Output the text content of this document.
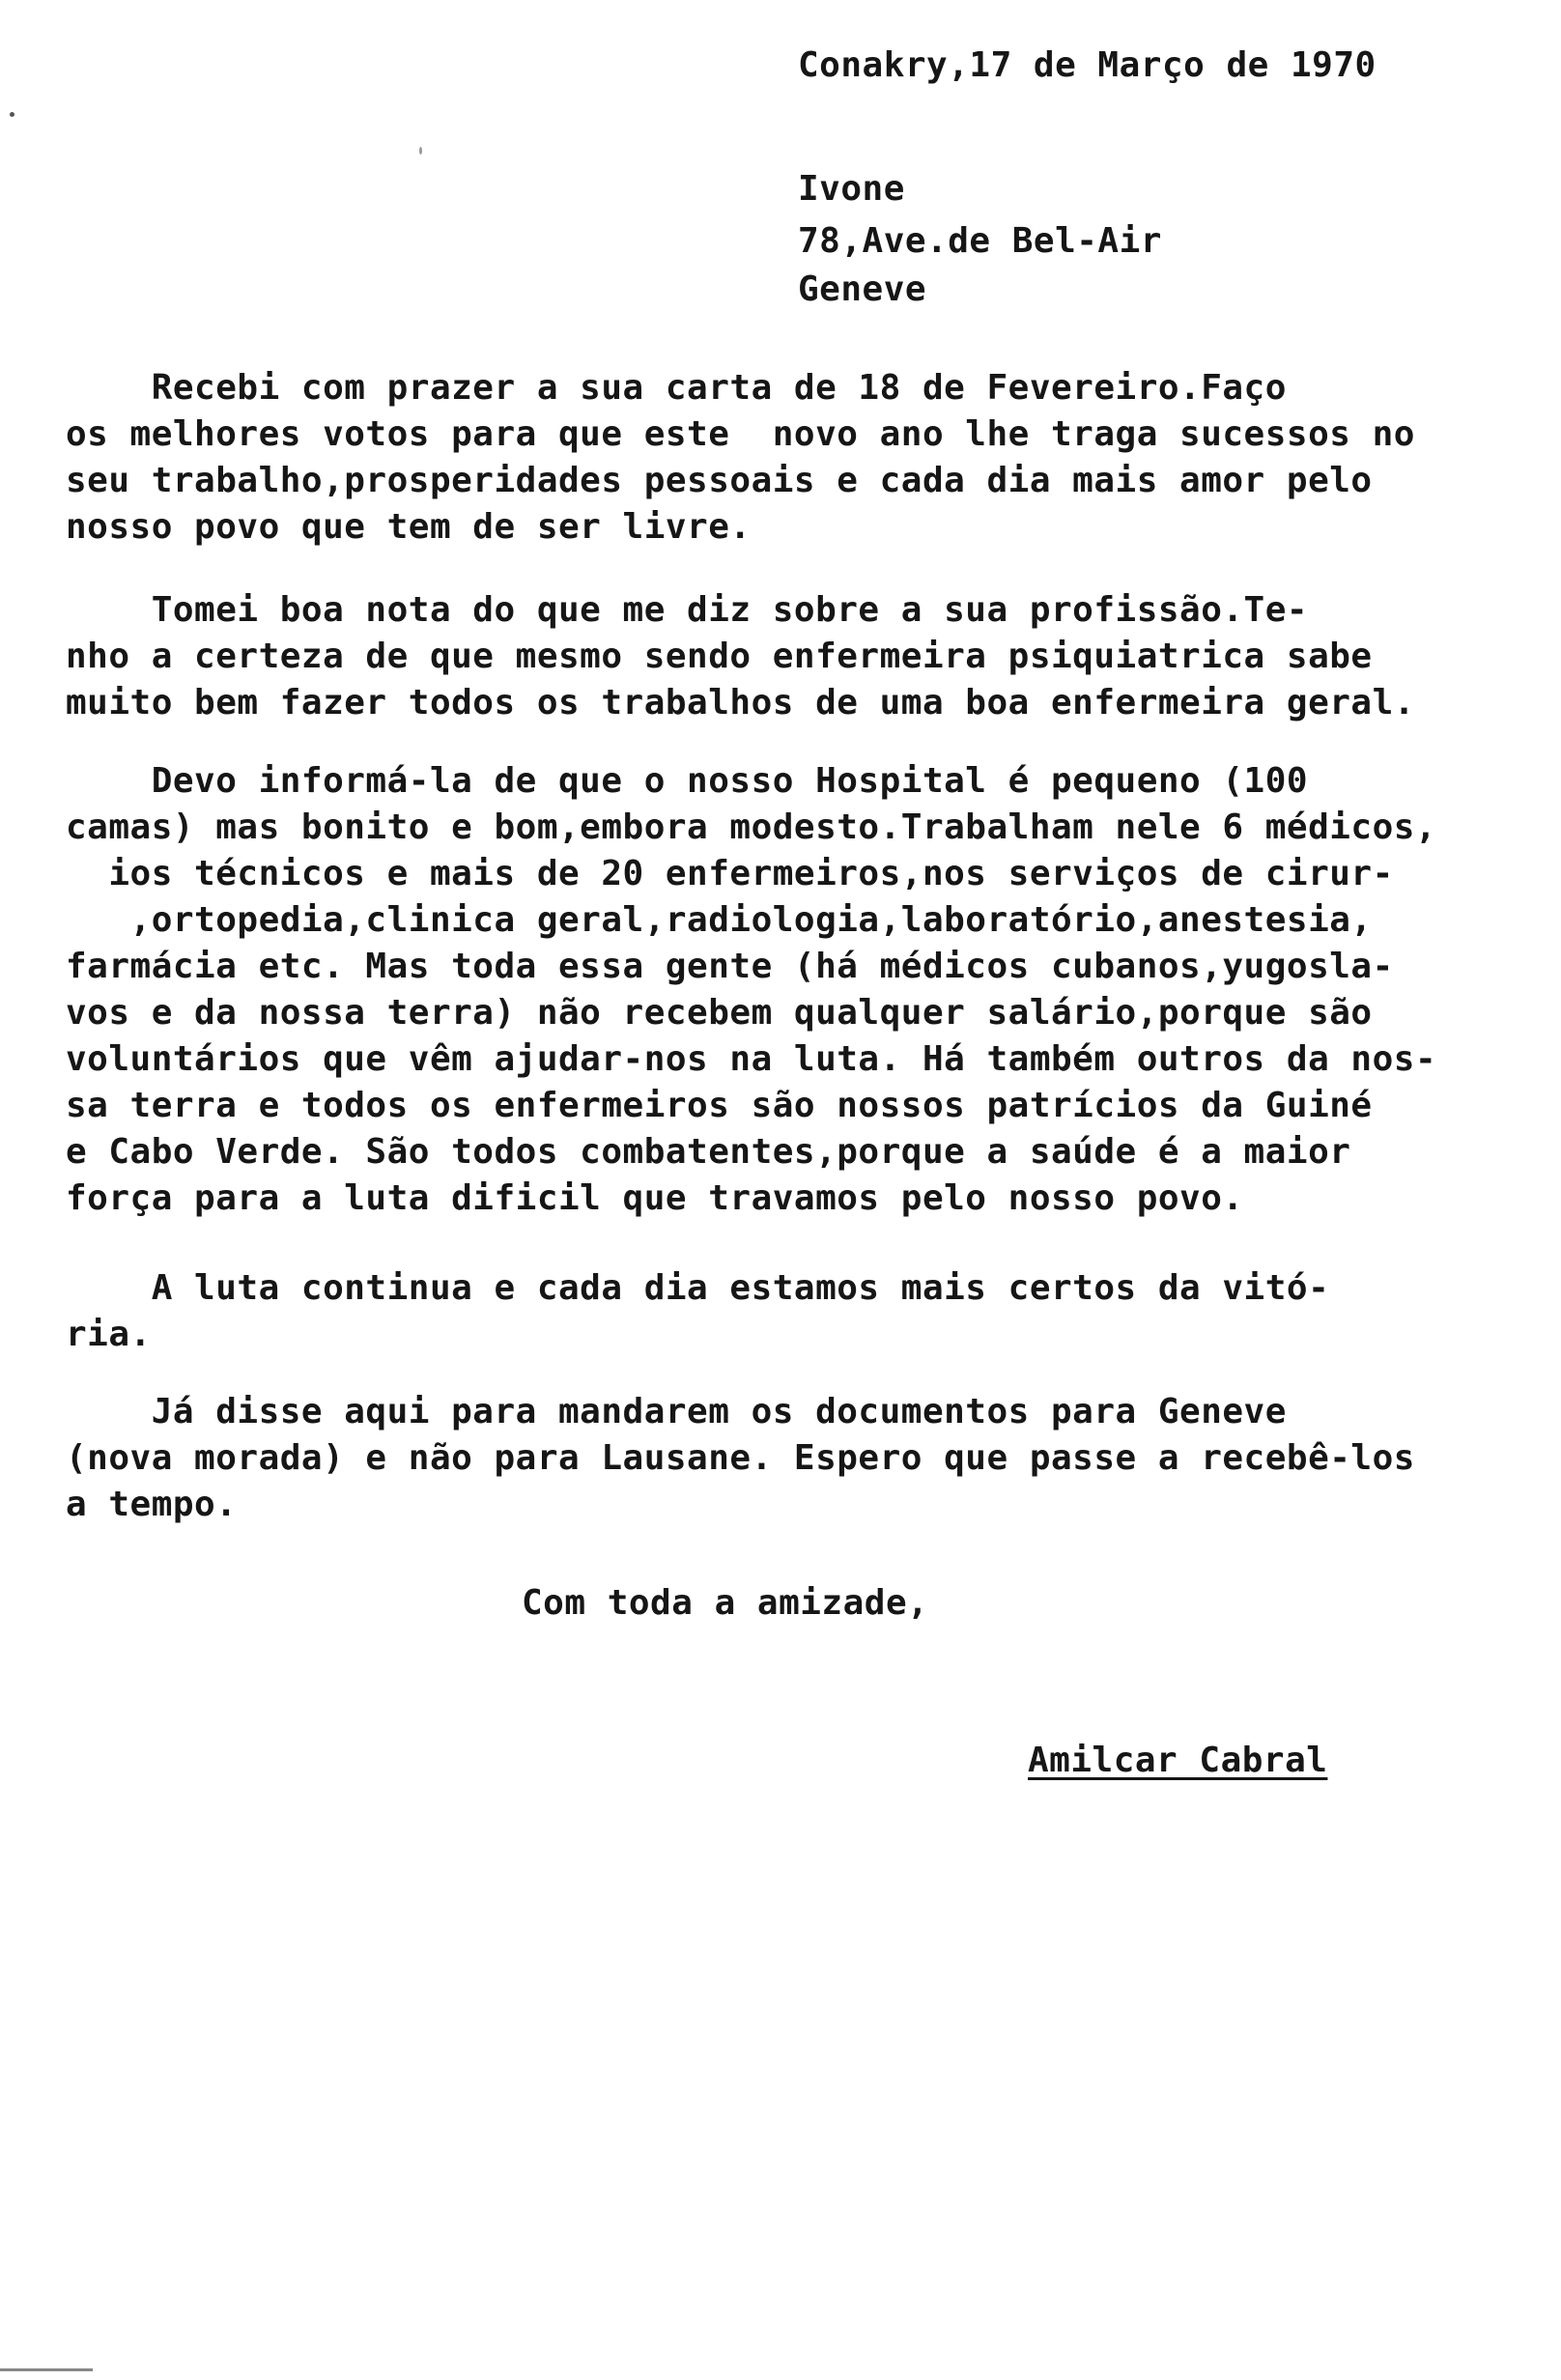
Conakry,17 de Março de 1970
Ivone
78,Ave.de Bel-Air
Geneve
Recebi com prazer a sua carta de 18 de Fevereiro.Faço
os melhores votos para que este  novo ano lhe traga sucessos no
seu trabalho,prosperidades pessoais e cada dia mais amor pelo
nosso povo que tem de ser livre.
Tomei boa nota do que me diz sobre a sua profissão.Te-
nho a certeza de que mesmo sendo enfermeira psiquiatrica sabe
muito bem fazer todos os trabalhos de uma boa enfermeira geral.
Devo informá-la de que o nosso Hospital é pequeno (100
camas) mas bonito e bom,embora modesto.Trabalham nele 6 médicos,
ios técnicos e mais de 20 enfermeiros,nos serviços de cirur-
,ortopedia,clinica geral,radiologia,laboratório,anestesia,
farmácia etc. Mas toda essa gente (há médicos cubanos,yugosla-
vos e da nossa terra) não recebem qualquer salário,porque são
voluntários que vêm ajudar-nos na luta. Há também outros da nos-
sa terra e todos os enfermeiros são nossos patrícios da Guiné
e Cabo Verde. São todos combatentes,porque a saúde é a maior
força para a luta dificil que travamos pelo nosso povo.
A luta continua e cada dia estamos mais certos da vitó-
ria.
Já disse aqui para mandarem os documentos para Geneve
(nova morada) e não para Lausane. Espero que passe a recebê-los
a tempo.
Com toda a amizade,
Amilcar Cabral
